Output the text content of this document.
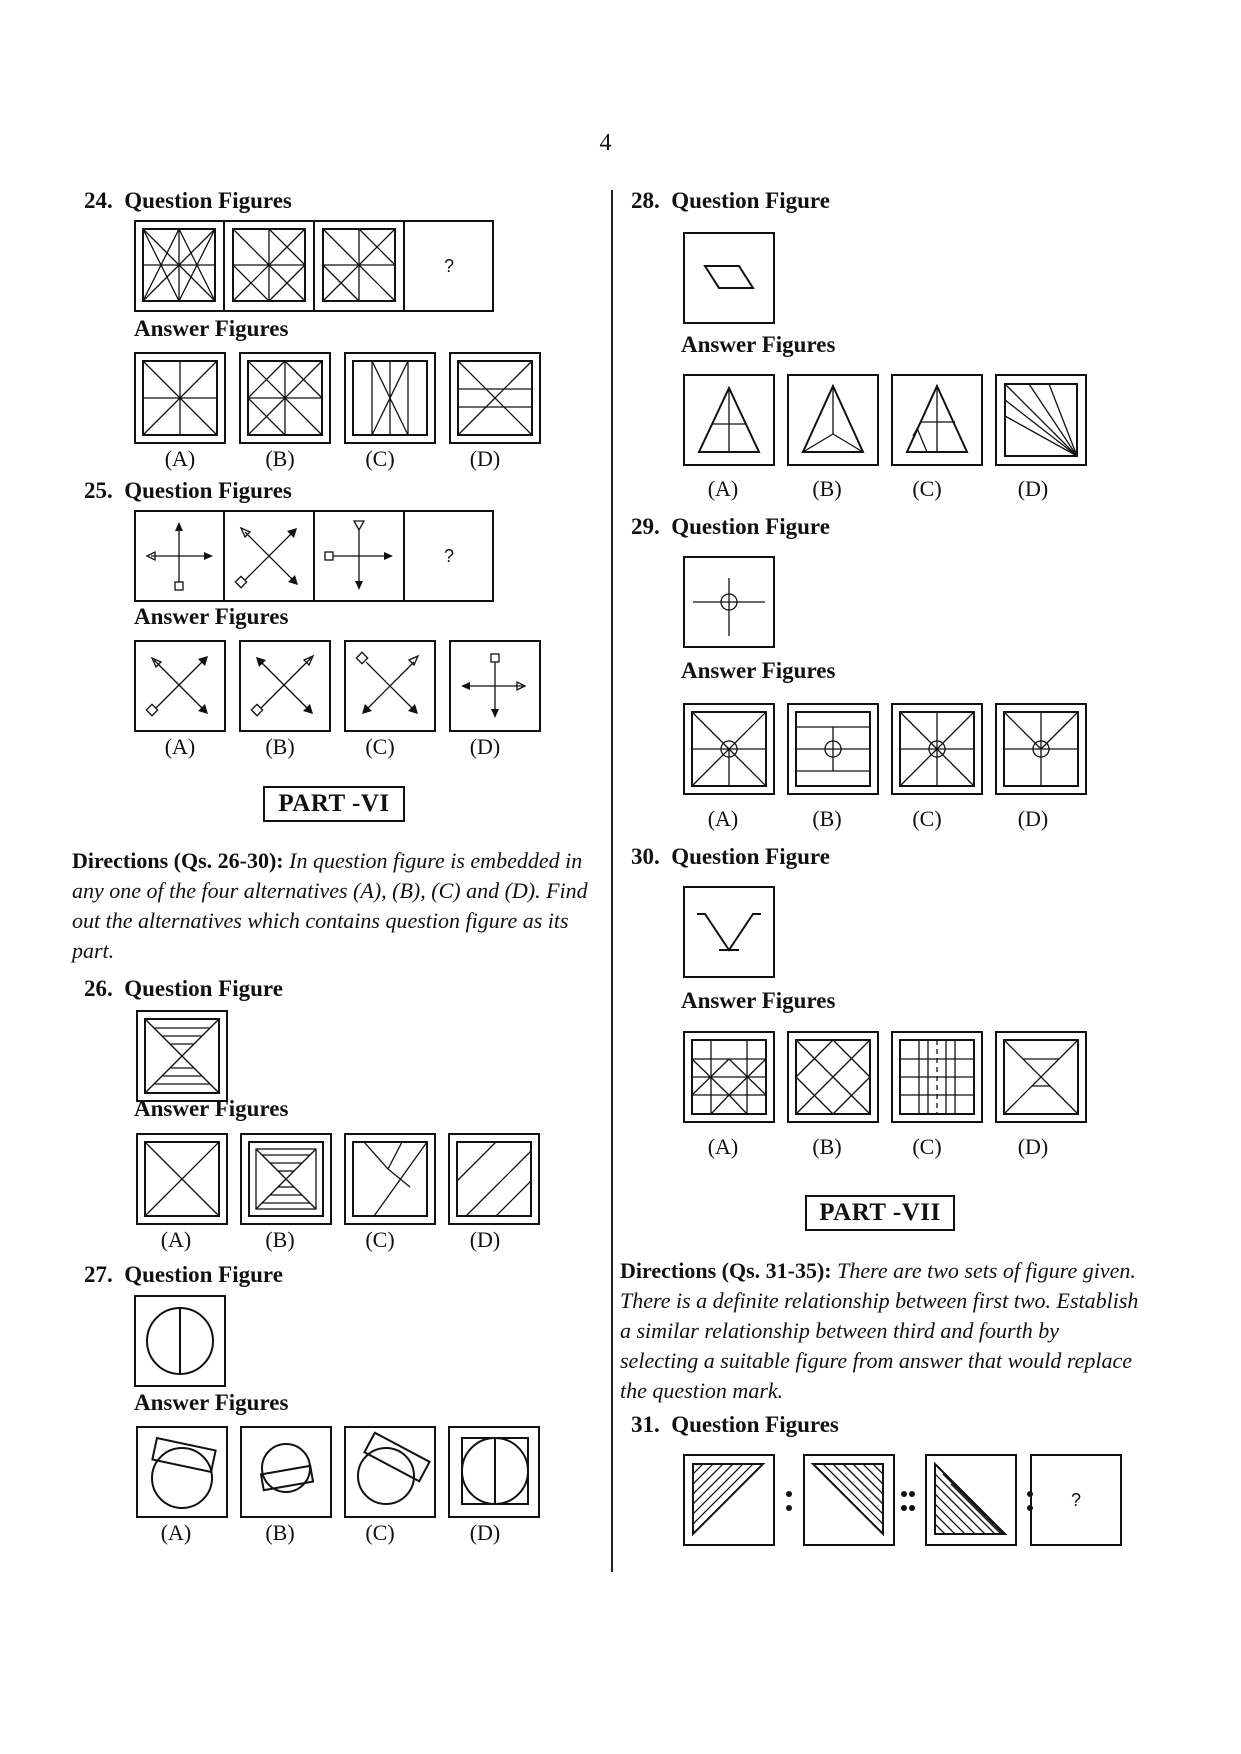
4
24. Question Figures
?
Answer Figures
(A)	(B)	(C)	(D)
25. Question Figures
?
Answer Figures
(A)	(B)	(C)	(D)
PART -VI
Directions (Qs. 26-30): In question figure is embedded in any one of the four alternatives (A), (B), (C) and (D). Find out the alternatives which contains question figure as its part.
26. Question Figure
Answer Figures
(A)	(B)	(C)	(D)
27. Question Figure
Answer Figures
(A)	(B)	(C)	(D)
28. Question Figure
Answer Figures
(A)	(B)	(C)	(D)
29. Question Figure
Answer Figures
(A)	(B)	(C)	(D)
30. Question Figure
Answer Figures
(A)	(B)	(C)	(D)
PART -VII
Directions (Qs. 31-35): There are two sets of figure given. There is a definite relationship between first two. Establish a similar relationship between third and fourth by selecting a suitable figure from answer that would replace the question mark.
31. Question Figures
?
